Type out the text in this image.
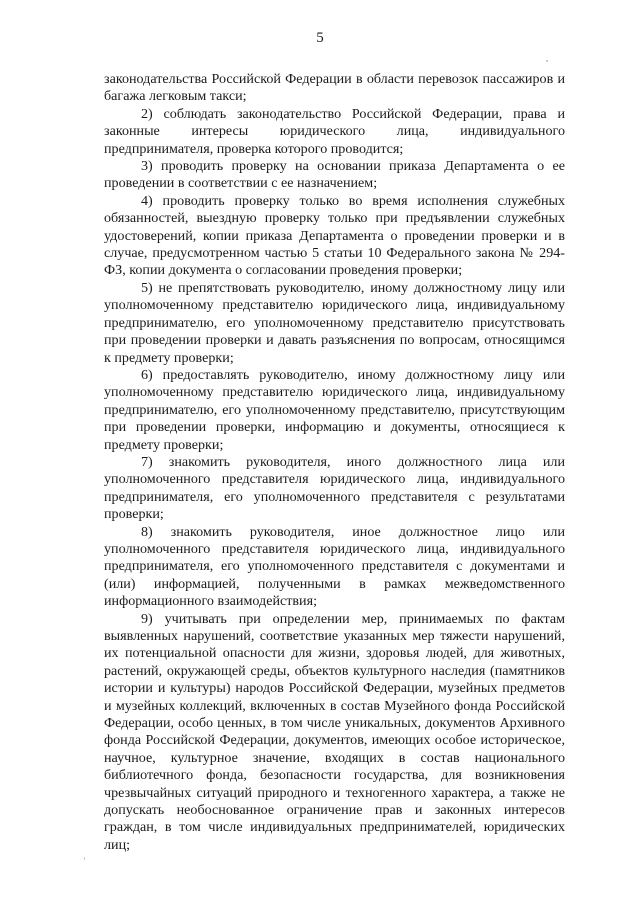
5

законодательства Российской Федерации в области перевозок пассажиров и багажа легковым такси;

2) соблюдать законодательство Российской Федерации, права и законные интересы юридического лица, индивидуального предпринимателя, проверка которого проводится;

3) проводить проверку на основании приказа Департамента о ее проведении в соответствии с ее назначением;

4) проводить проверку только во время исполнения служебных обязанностей, выездную проверку только при предъявлении служебных удостоверений, копии приказа Департамента о проведении проверки и в случае, предусмотренном частью 5 статьи 10 Федерального закона № 294-ФЗ, копии документа о согласовании проведения проверки;

5) не препятствовать руководителю, иному должностному лицу или уполномоченному представителю юридического лица, индивидуальному предпринимателю, его уполномоченному представителю присутствовать при проведении проверки и давать разъяснения по вопросам, относящимся к предмету проверки;

6) предоставлять руководителю, иному должностному лицу или уполномоченному представителю юридического лица, индивидуальному предпринимателю, его уполномоченному представителю, присутствующим при проведении проверки, информацию и документы, относящиеся к предмету проверки;

7) знакомить руководителя, иного должностного лица или уполномоченного представителя юридического лица, индивидуального предпринимателя, его уполномоченного представителя с результатами проверки;

8) знакомить руководителя, иное должностное лицо или уполномоченного представителя юридического лица, индивидуального предпринимателя, его уполномоченного представителя с документами и (или) информацией, полученными в рамках межведомственного информационного взаимодействия;

9) учитывать при определении мер, принимаемых по фактам выявленных нарушений, соответствие указанных мер тяжести нарушений, их потенциальной опасности для жизни, здоровья людей, для животных, растений, окружающей среды, объектов культурного наследия (памятников истории и культуры) народов Российской Федерации, музейных предметов и музейных коллекций, включенных в состав Музейного фонда Российской Федерации, особо ценных, в том числе уникальных, документов Архивного фонда Российской Федерации, документов, имеющих особое историческое, научное, культурное значение, входящих в состав национального библиотечного фонда, безопасности государства, для возникновения чрезвычайных ситуаций природного и техногенного характера, а также не допускать необоснованное ограничение прав и законных интересов граждан, в том числе индивидуальных предпринимателей, юридических лиц;
